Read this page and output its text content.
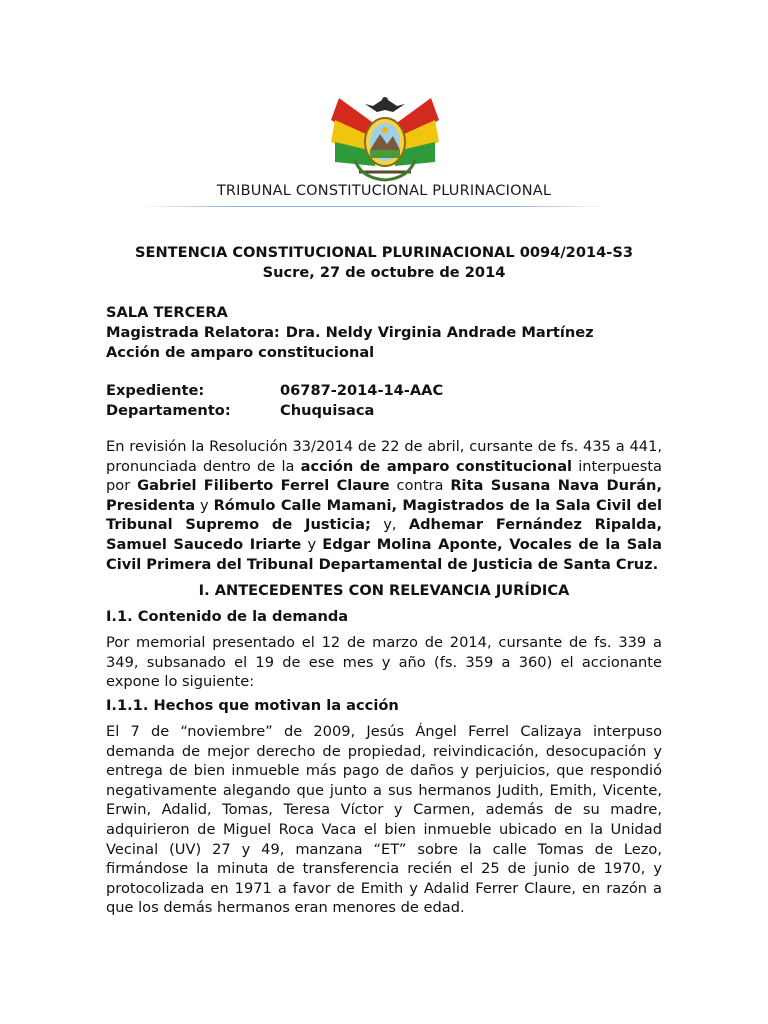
TRIBUNAL CONSTITUCIONAL PLURINACIONAL
SENTENCIA CONSTITUCIONAL PLURINACIONAL 0094/2014-S3
Sucre, 27 de octubre de 2014
SALA TERCERA
Magistrada Relatora: Dra. Neldy Virginia Andrade Martínez
Acción de amparo constitucional
Expediente:	06787-2014-14-AAC
Departamento:	Chuquisaca

En revisión la Resolución 33/2014 de 22 de abril, cursante de fs. 435 a 441, pronunciada dentro de la acción de amparo constitucional interpuesta por Gabriel Filiberto Ferrel Claure contra Rita Susana Nava Durán, Presidenta y Rómulo Calle Mamani, Magistrados de la Sala Civil del Tribunal Supremo de Justicia; y, Adhemar Fernández Ripalda, Samuel Saucedo Iriarte y Edgar Molina Aponte, Vocales de la Sala Civil Primera del Tribunal Departamental de Justicia de Santa Cruz.

I. ANTECEDENTES CON RELEVANCIA JURÍDICA
I.1. Contenido de la demanda

Por memorial presentado el 12 de marzo de 2014, cursante de fs. 339 a 349, subsanado el 19 de ese mes y año (fs. 359 a 360) el accionante expone lo siguiente:

I.1.1. Hechos que motivan la acción

El 7 de “noviembre” de 2009, Jesús Ángel Ferrel Calizaya interpuso demanda de mejor derecho de propiedad, reivindicación, desocupación y entrega de bien inmueble más pago de daños y perjuicios, que respondió negativamente alegando que junto a sus hermanos Judith, Emith, Vicente, Erwin, Adalid, Tomas, Teresa Víctor y Carmen, además de su madre, adquirieron de Miguel Roca Vaca el bien inmueble ubicado en la Unidad Vecinal (UV) 27 y 49, manzana “ET” sobre la calle Tomas de Lezo, firmándose la minuta de transferencia recién el 25 de junio de 1970, y protocolizada en 1971 a favor de Emith y Adalid Ferrer Claure, en razón a que los demás hermanos eran menores de edad.
